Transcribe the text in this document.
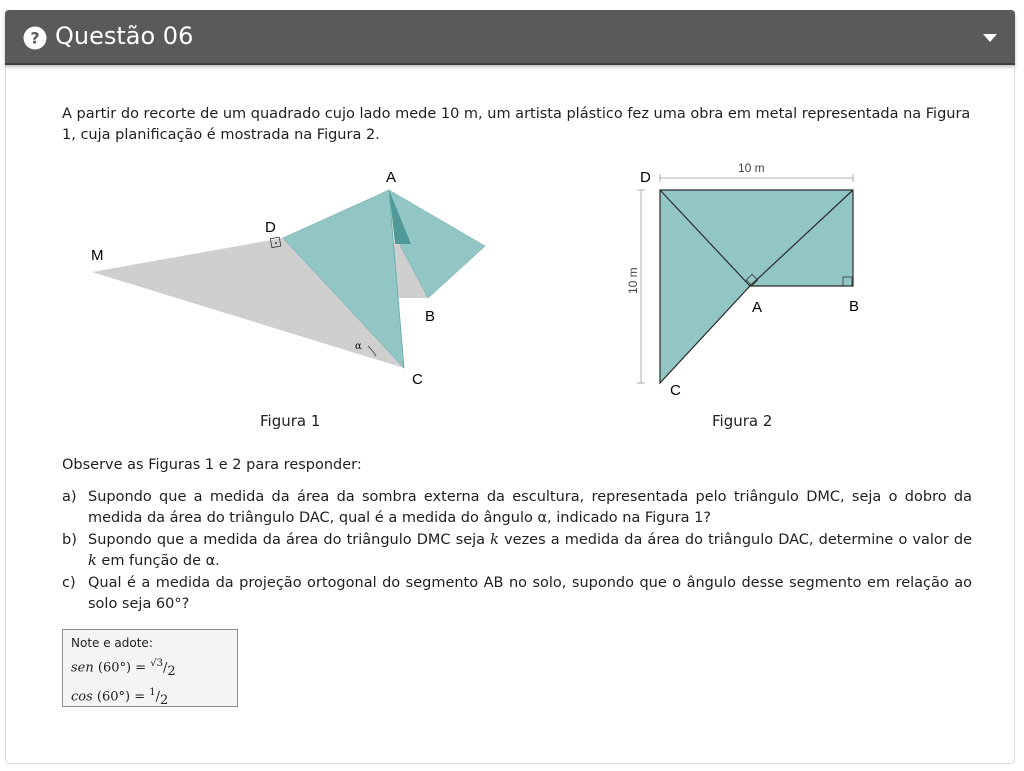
? Questão 06
A partir do recorte de um quadrado cujo lado mede 10 m, um artista plástico fez uma obra em metal representada na Figura 1, cuja planificação é mostrada na Figura 2.
A
D
M
B
C
α
Figura 1
10 m
10 m
D
A	B
C
Figura 2
Observe as Figuras 1 e 2 para responder:
a) Supondo que a medida da área da sombra externa da escultura, representada pelo triângulo DMC, seja o dobro da medida da área do triângulo DAC, qual é a medida do ângulo α, indicado na Figura 1?
b) Supondo que a medida da área do triângulo DMC seja k vezes a medida da área do triângulo DAC, determine o valor de k em função de α.
c) Qual é a medida da projeção ortogonal do segmento AB no solo, supondo que o ângulo desse segmento em relação ao solo seja 60°?
Note e adote:
sen (60°) = $^{√3}$/2
cos (60°) = $^1$/2
